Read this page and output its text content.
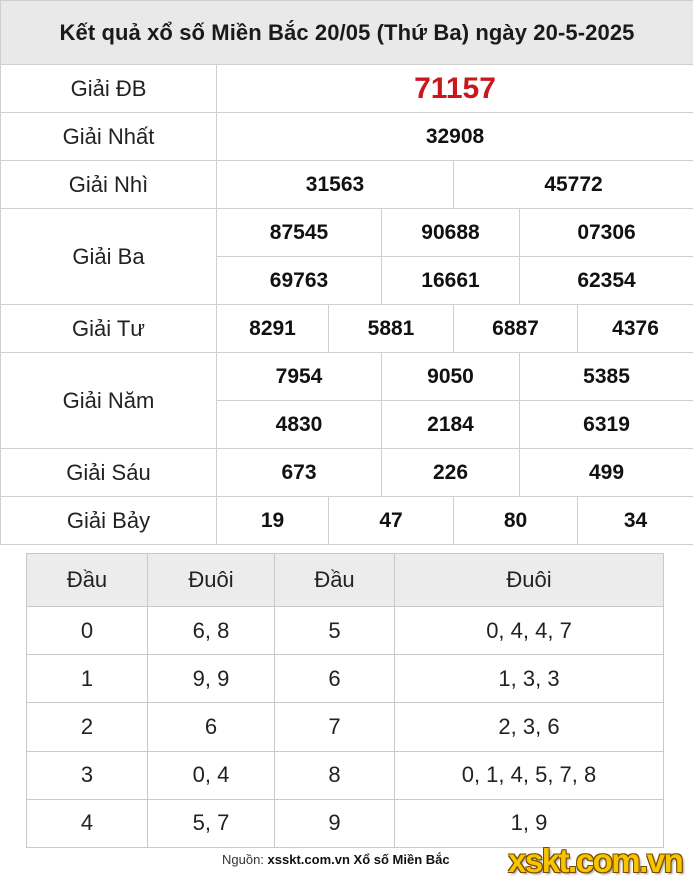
Kết quả xổ số Miền Bắc 20/05 (Thứ Ba) ngày 20-5-2025						
Giải ĐB	71157					
Giải Nhất	32908					
Giải Nhì	31563			45772		
Giải Ba	87545		90688		07306	
	69763		16661		62354	
Giải Tư	8291	5881		6887		4376
Giải Năm	7954		9050		5385	
	4830		2184		6319	
Giải Sáu	673		226		499	
Giải Bảy	19	47		80		34
Đầu	Đuôi	Đầu	Đuôi
0	6, 8	5	0, 4, 4, 7
1	9, 9	6	1, 3, 3
2	6	7	2, 3, 6
3	0, 4	8	0, 1, 4, 5, 7, 8
4	5, 7	9	1, 9
Nguồn: xsskt.com.vn Xổ số Miền Bắc xskt.com.vn
